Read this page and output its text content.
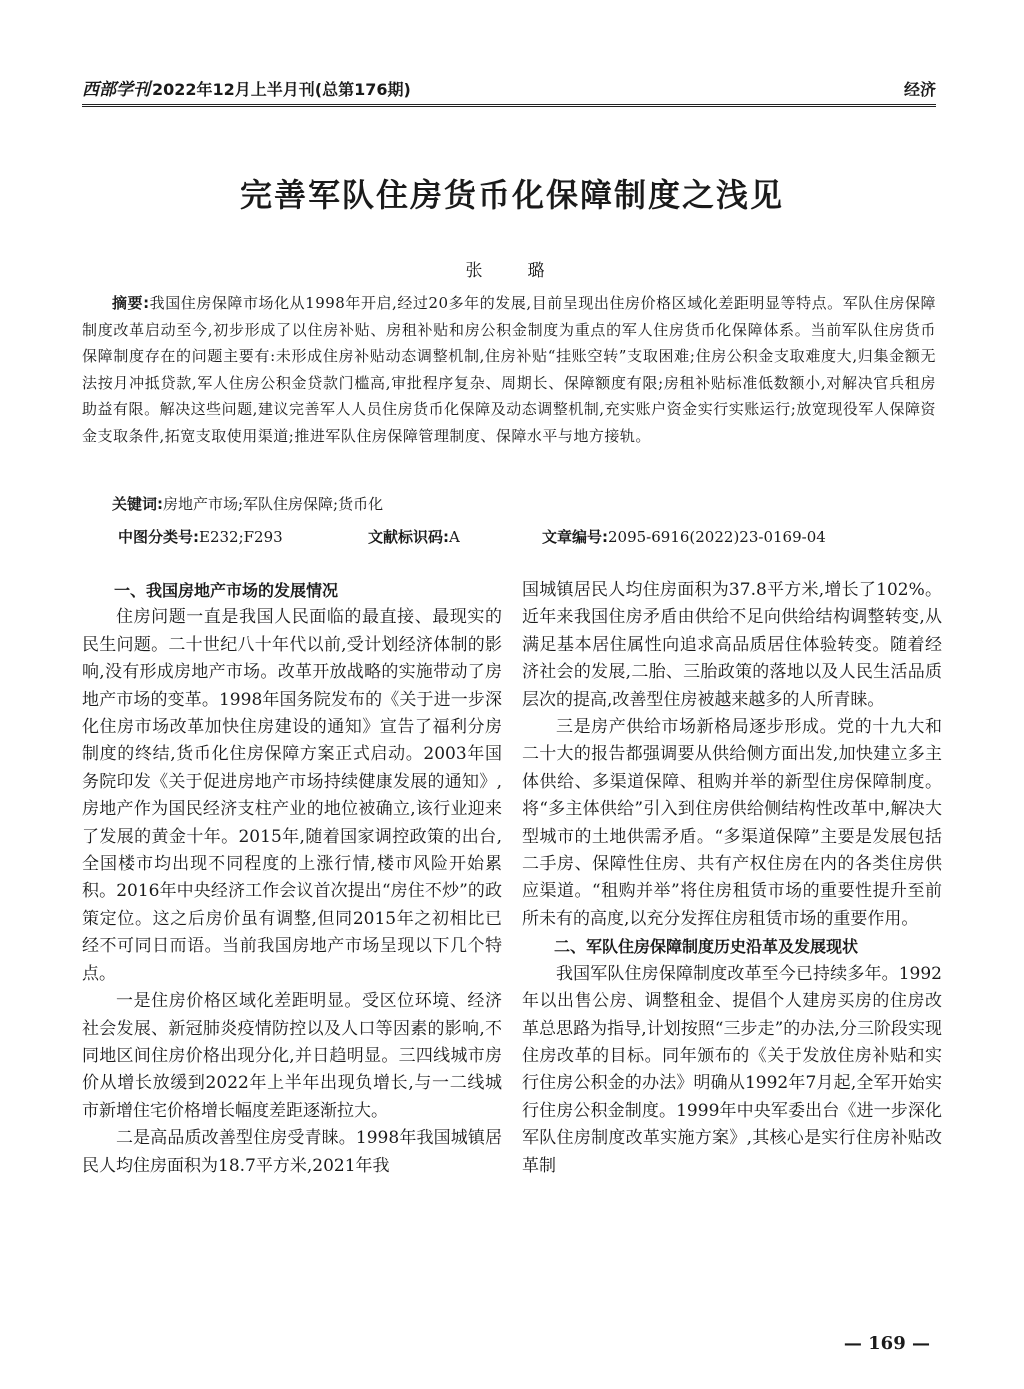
西部学刊 2022年12月上半月刊(总第176期)	经济
完善军队住房货币化保障制度之浅见
张　璐
摘要:我国住房保障市场化从1998年开启,经过20多年的发展,目前呈现出住房价格区域化差距明显等特点。军队住房保障制度改革启动至今,初步形成了以住房补贴、房租补贴和房公积金制度为重点的军人住房货币化保障体系。当前军队住房货币保障制度存在的问题主要有:未形成住房补贴动态调整机制,住房补贴“挂账空转”支取困难;住房公积金支取难度大,归集金额无法按月冲抵贷款,军人住房公积金贷款门槛高,审批程序复杂、周期长、保障额度有限;房租补贴标准低数额小,对解决官兵租房助益有限。解决这些问题,建议完善军人人员住房货币化保障及动态调整机制,充实账户资金实行实账运行;放宽现役军人保障资金支取条件,拓宽支取使用渠道;推进军队住房保障管理制度、保障水平与地方接轨。
关键词:房地产市场;军队住房保障;货币化
中图分类号:E232;F293	文献标识码:A	文章编号:2095-6916(2022)23-0169-04
一、我国房地产市场的发展情况

住房问题一直是我国人民面临的最直接、最现实的民生问题。二十世纪八十年代以前,受计划经济体制的影响,没有形成房地产市场。改革开放战略的实施带动了房地产市场的变革。1998年国务院发布的《关于进一步深化住房市场改革加快住房建设的通知》宣告了福利分房制度的终结,货币化住房保障方案正式启动。2003年国务院印发《关于促进房地产市场持续健康发展的通知》,房地产作为国民经济支柱产业的地位被确立,该行业迎来了发展的黄金十年。2015年,随着国家调控政策的出台,全国楼市均出现不同程度的上涨行情,楼市风险开始累积。2016年中央经济工作会议首次提出“房住不炒”的政策定位。这之后房价虽有调整,但同2015年之初相比已经不可同日而语。当前我国房地产市场呈现以下几个特点。

一是住房价格区域化差距明显。受区位环境、经济社会发展、新冠肺炎疫情防控以及人口等因素的影响,不同地区间住房价格出现分化,并日趋明显。三四线城市房价从增长放缓到2022年上半年出现负增长,与一二线城市新增住宅价格增长幅度差距逐渐拉大。

二是高品质改善型住房受青睐。1998年我国城镇居民人均住房面积为18.7平方米,2021年我

国城镇居民人均住房面积为37.8平方米,增长了102%。近年来我国住房矛盾由供给不足向供给结构调整转变,从满足基本居住属性向追求高品质居住体验转变。随着经济社会的发展,二胎、三胎政策的落地以及人民生活品质层次的提高,改善型住房被越来越多的人所青睐。

三是房产供给市场新格局逐步形成。党的十九大和二十大的报告都强调要从供给侧方面出发,加快建立多主体供给、多渠道保障、租购并举的新型住房保障制度。将“多主体供给”引入到住房供给侧结构性改革中,解决大型城市的土地供需矛盾。“多渠道保障”主要是发展包括二手房、保障性住房、共有产权住房在内的各类住房供应渠道。“租购并举”将住房租赁市场的重要性提升至前所未有的高度,以充分发挥住房租赁市场的重要作用。

二、军队住房保障制度历史沿革及发展现状

我国军队住房保障制度改革至今已持续多年。1992年以出售公房、调整租金、提倡个人建房买房的住房改革总思路为指导,计划按照“三步走”的办法,分三阶段实现住房改革的目标。同年颁布的《关于发放住房补贴和实行住房公积金的办法》明确从1992年7月起,全军开始实行住房公积金制度。1999年中央军委出台《进一步深化军队住房制度改革实施方案》,其核心是实行住房补贴改革制

— 169 —
